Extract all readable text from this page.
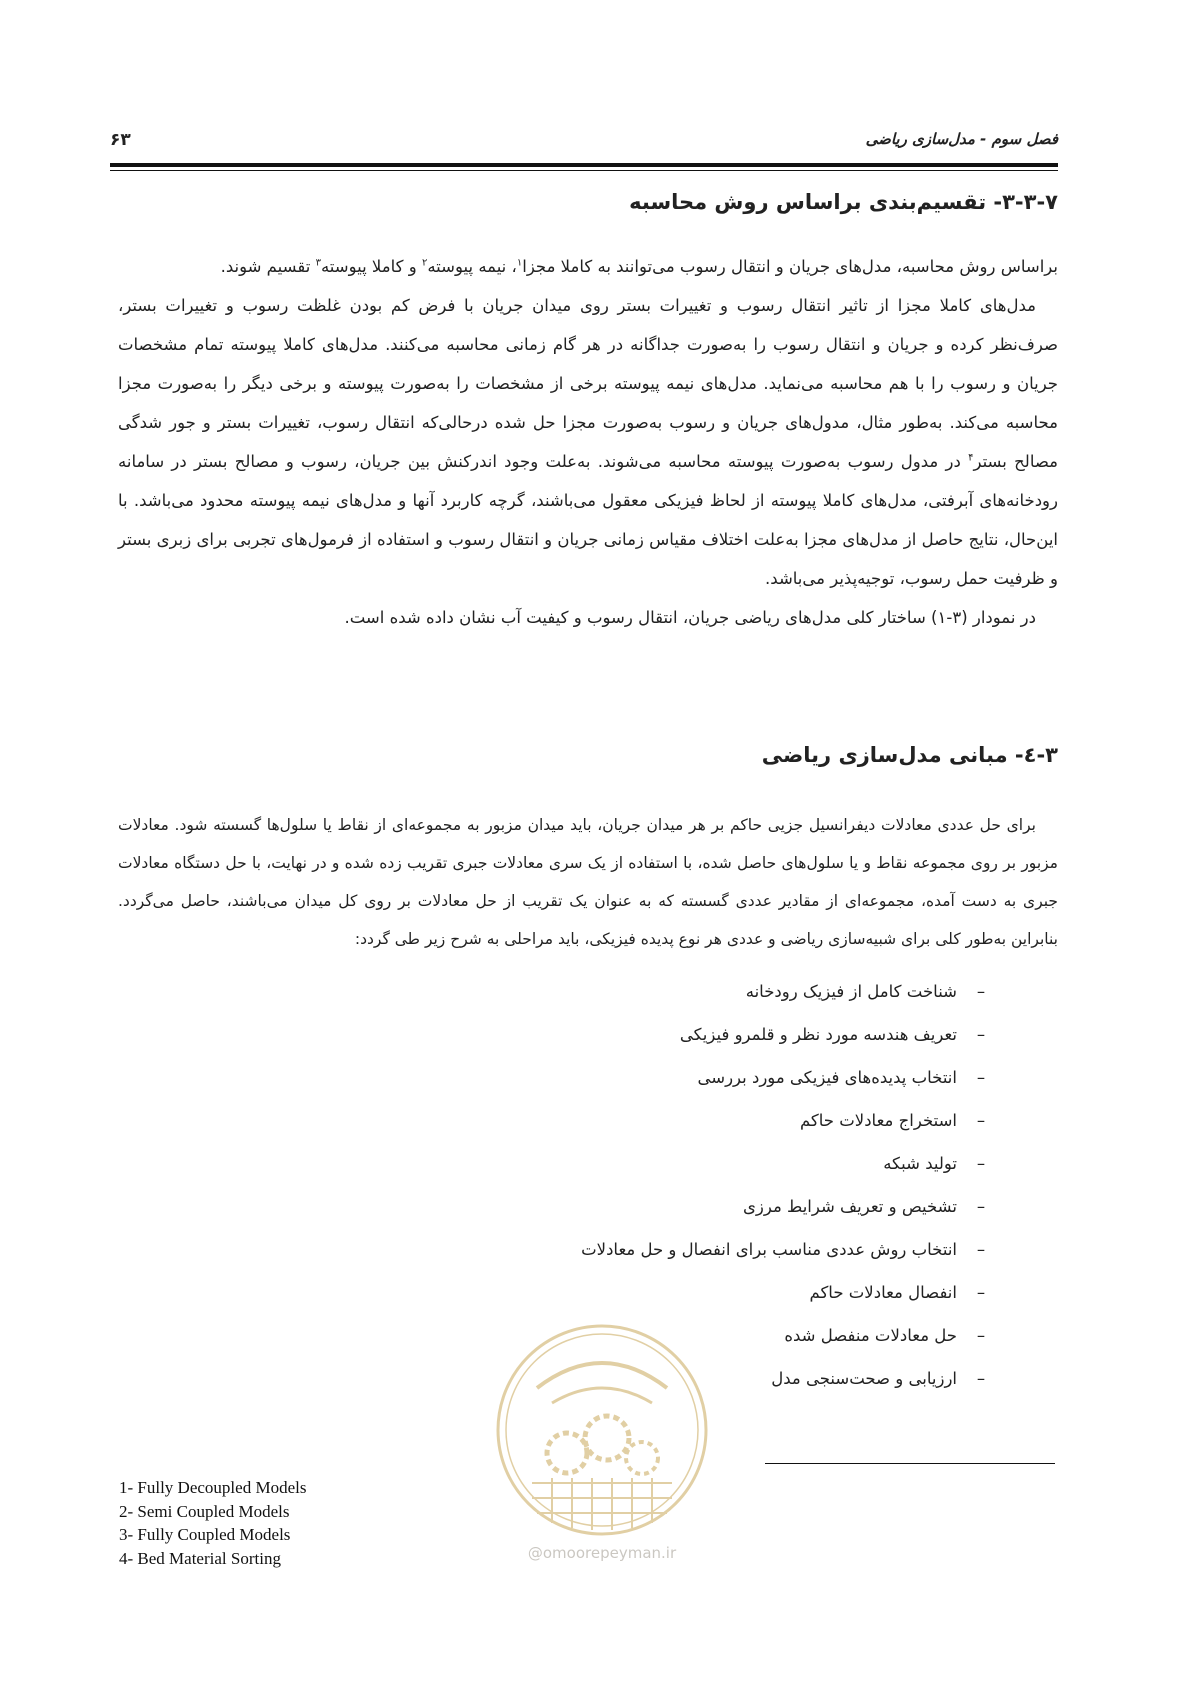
فصل سوم - مدل‌سازی ریاضی
۶۳
۳-۳-۷- تقسیم‌بندی براساس روش محاسبه

براساس روش محاسبه، مدل‌های جریان و انتقال رسوب می‌توانند به کاملا مجزا$^۱$، نیمه پیوسته$^۲$ و کاملا پیوسته$^۳$ تقسیم شوند.

مدل‌های کاملا مجزا از تاثیر انتقال رسوب و تغییرات بستر روی میدان جریان با فرض کم بودن غلظت رسوب و تغییرات بستر، صرف‌نظر کرده و جریان و انتقال رسوب را به‌صورت جداگانه در هر گام زمانی محاسبه می‌کنند. مدل‌های کاملا پیوسته تمام مشخصات جریان و رسوب را با هم محاسبه می‌نماید. مدل‌های نیمه پیوسته برخی از مشخصات را به‌صورت پیوسته و برخی دیگر را به‌صورت مجزا محاسبه می‌کند. به‌طور مثال، مدول‌های جریان و رسوب به‌صورت مجزا حل شده درحالی‌که انتقال رسوب، تغییرات بستر و جور شدگی مصالح بستر$^۴$ در مدول رسوب به‌صورت پیوسته محاسبه می‌شوند. به‌علت وجود اندرکنش بین جریان، رسوب و مصالح بستر در سامانه رودخانه‌های آبرفتی، مدل‌های کاملا پیوسته از لحاظ فیزیکی معقول می‌باشند، گرچه کاربرد آنها و مدل‌های نیمه پیوسته محدود می‌باشد. با این‌حال، نتایج حاصل از مدل‌های مجزا به‌علت اختلاف مقیاس زمانی جریان و انتقال رسوب و استفاده از فرمول‌های تجربی برای زبری بستر و ظرفیت حمل رسوب، توجیه‌پذیر می‌باشد.

در نمودار (۳-۱) ساختار کلی مدل‌های ریاضی جریان، انتقال رسوب و کیفیت آب نشان داده شده است.

۳-٤- مبانی مدل‌سازی ریاضی

برای حل عددی معادلات دیفرانسیل جزیی حاکم بر هر میدان جریان، باید میدان مزبور به مجموعه‌ای از نقاط یا سلول‌ها گسسته شود. معادلات مزبور بر روی مجموعه نقاط و یا سلول‌های حاصل شده، با استفاده از یک سری معادلات جبری تقریب زده شده و در نهایت، با حل دستگاه معادلات جبری به دست آمده، مجموعه‌ای از مقادیر عددی گسسته که به عنوان یک تقریب از حل معادلات بر روی کل میدان می‌باشند، حاصل می‌گردد. بنابراین به‌طور کلی برای شبیه‌سازی ریاضی و عددی هر نوع پدیده فیزیکی، باید مراحلی به شرح زیر طی گردد:

–شناخت کامل از فیزیک رودخانه
–تعریف هندسه مورد نظر و قلمرو فیزیکی
–انتخاب پدیده‌های فیزیکی مورد بررسی
–استخراج معادلات حاکم
–تولید شبکه
–تشخیص و تعریف شرایط مرزی
–انتخاب روش عددی مناسب برای انفصال و حل معادلات
–انفصال معادلات حاکم
–حل معادلات منفصل شده
–ارزیابی و صحت‌سنجی مدل
@omoorepeyman.ir
1- Fully Decoupled Models
2- Semi Coupled Models
3- Fully Coupled Models
4- Bed Material Sorting
